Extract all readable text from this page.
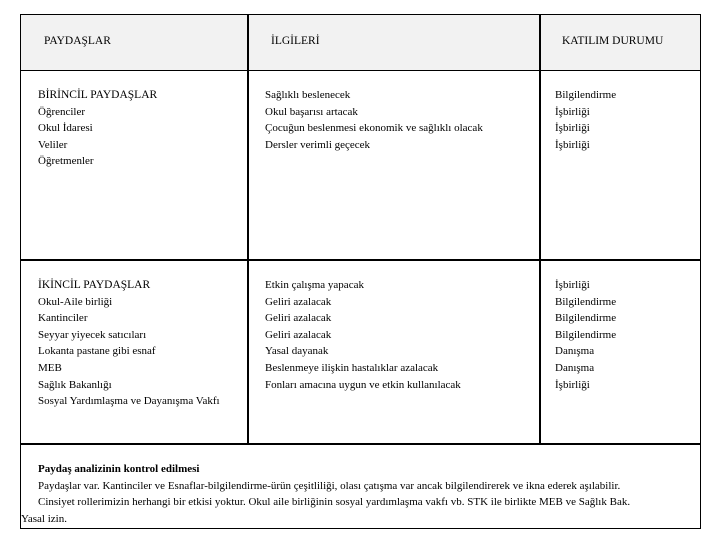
PAYDAŞLAR	İLGİLERİ	KATILIM DURUMU
BİRİNCİL PAYDAŞLAR
Öğrenciler
Okul İdaresi
Veliler
Öğretmenler
Sağlıklı beslenecek
Okul başarısı artacak
Çocuğun beslenmesi ekonomik ve sağlıklı olacak
Dersler verimli geçecek
Bilgilendirme
İşbirliği
İşbirliği
İşbirliği
İKİNCİL PAYDAŞLAR
Okul-Aile birliği
Kantinciler
Seyyar yiyecek satıcıları
Lokanta pastane gibi esnaf
MEB
Sağlık Bakanlığı
Sosyal Yardımlaşma ve Dayanışma Vakfı
Etkin çalışma yapacak
Geliri azalacak
Geliri azalacak
Geliri azalacak
Yasal dayanak
Beslenmeye ilişkin hastalıklar azalacak
Fonları amacına uygun ve etkin kullanılacak
İşbirliği
Bilgilendirme
Bilgilendirme
Bilgilendirme
Danışma
Danışma
İşbirliği
Paydaş analizinin kontrol edilmesi
Paydaşlar var. Kantinciler ve Esnaflar-bilgilendirme-ürün çeşitliliği, olası çatışma var ancak bilgilendirerek ve ikna ederek aşılabilir.
Cinsiyet rollerimizin herhangi bir etkisi yoktur. Okul aile birliğinin sosyal yardımlaşma vakfı vb. STK ile birlikte MEB ve Sağlık Bak.
Yasal izin.
